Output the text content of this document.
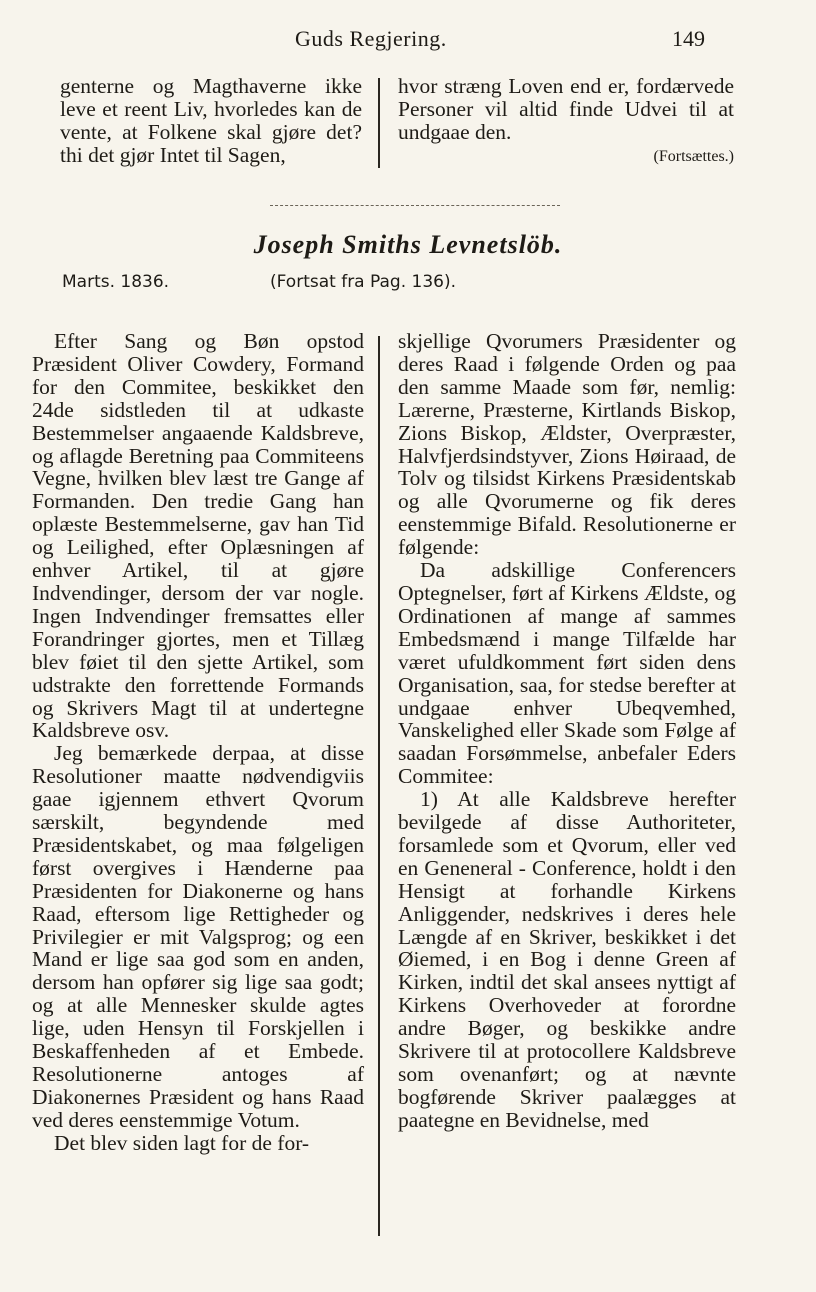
Guds Regjering.	149

genterne og Magthaverne ikke leve et reent Liv, hvorledes kan de vente, at Folkene skal gjøre det? thi det gjør Intet til Sagen,

hvor stræng Loven end er, fordærvede Personer vil altid finde Udvei til at undgaae den.

(Fortsættes.)
Joseph Smiths Levnetslöb.
Marts. 1836.	(Fortsat fra Pag. 136).

Efter Sang og Bøn opstod Præsident Oliver Cowdery, Formand for den Commitee, beskikket den 24de sidstleden til at udkaste Bestemmelser angaaende Kaldsbreve, og aflagde Beretning paa Commiteens Vegne, hvilken blev læst tre Gange af Formanden. Den tredie Gang han oplæste Bestemmelserne, gav han Tid og Leilighed, efter Oplæsningen af enhver Artikel, til at gjøre Indvendinger, dersom der var nogle. Ingen Indvendinger fremsattes eller Forandringer gjortes, men et Tillæg blev føiet til den sjette Artikel, som udstrakte den forrettende Formands og Skrivers Magt til at undertegne Kaldsbreve osv.

Jeg bemærkede derpaa, at disse Resolutioner maatte nødvendigviis gaae igjennem ethvert Qvorum særskilt, begyndende med Præsidentskabet, og maa følgeligen først overgives i Hænderne paa Præsidenten for Diakonerne og hans Raad, eftersom lige Rettigheder og Privilegier er mit Valgsprog; og een Mand er lige saa god som en anden, dersom han opfører sig lige saa godt; og at alle Mennesker skulde agtes lige, uden Hensyn til Forskjellen i Beskaffenheden af et Embede. Resolutionerne antoges af Diakonernes Præsident og hans Raad ved deres eenstemmige Votum.

Det blev siden lagt for de for-

skjellige Qvorumers Præsidenter og deres Raad i følgende Orden og paa den samme Maade som før, nemlig: Lærerne, Præsterne, Kirtlands Biskop, Zions Biskop, Ældster, Overpræster, Halvfjerdsindstyver, Zions Høiraad, de Tolv og tilsidst Kirkens Præsidentskab og alle Qvorumerne og fik deres eenstemmige Bifald. Resolutionerne er følgende:

Da adskillige Conferencers Optegnelser, ført af Kirkens Ældste, og Ordinationen af mange af sammes Embedsmænd i mange Tilfælde har været ufuldkomment ført siden dens Organisation, saa, for stedse berefter at undgaae enhver Ubeqvemhed, Vanskelighed eller Skade som Følge af saadan Forsømmelse, anbefaler Eders Commitee:

1) At alle Kaldsbreve herefter bevilgede af disse Authoriteter, forsamlede som et Qvorum, eller ved en Geneneral - Conference, holdt i den Hensigt at forhandle Kirkens Anliggender, nedskrives i deres hele Længde af en Skriver, beskikket i det Øiemed, i en Bog i denne Green af Kirken, indtil det skal ansees nyttigt af Kirkens Overhoveder at forordne andre Bøger, og beskikke andre Skrivere til at protocollere Kaldsbreve som ovenanført; og at nævnte bogførende Skriver paalægges at paategne en Bevidnelse, med
